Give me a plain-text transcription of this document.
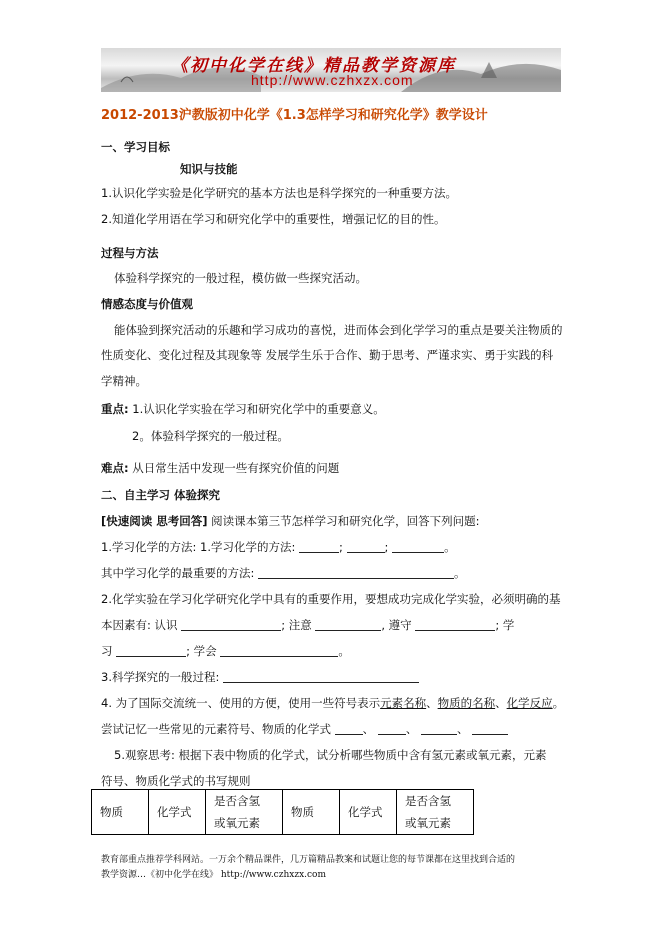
《初中化学在线》精品教学资源库
http://www.czhxzx.com
2012-2013沪教版初中化学《1.3怎样学习和研究化学》教学设计
一、学习目标
知识与技能
1.认识化学实验是化学研究的基本方法也是科学探究的一种重要方法。
2.知道化学用语在学习和研究化学中的重要性，增强记忆的目的性。
过程与方法
体验科学探究的一般过程，模仿做一些探究活动。
情感态度与价值观
能体验到探究活动的乐趣和学习成功的喜悦，进而体会到化学学习的重点是要关注物质的
性质变化、变化过程及其现象等 发展学生乐于合作、勤于思考、严谨求实、勇于实践的科
学精神。
重点: 1.认识化学实验在学习和研究化学中的重要意义。
2。体验科学探究的一般过程。
难点: 从日常生活中发现一些有探究价值的问题
二、自主学习 体验探究
[快速阅读 思考回答] 阅读课本第三节怎样学习和研究化学，回答下列问题:
1.学习化学的方法: 1.学习化学的方法:	;	;	。
其中学习化学的最重要的方法:	。
2.化学实验在学习化学研究化学中具有的重要作用，要想成功完成化学实验，必须明确的基
本因素有: 认识	; 注意	, 遵守	; 学
习	; 学会	。
3.科学探究的一般过程:
4. 为了国际交流统一、使用的方便，使用一些符号表示元素名称、物质的名称、化学反应。
尝试记忆一些常见的元素符号、物质的化学式	、 、	、
5.观察思考: 根据下表中物质的化学式，试分析哪些物质中含有氢元素或氧元素，元素
符号、物质化学式的书写规则
物质	化学式	是否含氢
或氧元素	物质	化学式	是否含氢
或氧元素
教育部重点推荐学科网站。一万余个精品课件，几万篇精品教案和试题让您的每节课都在这里找到合适的
教学资源…《初中化学在线》 http://www.czhxzx.com
